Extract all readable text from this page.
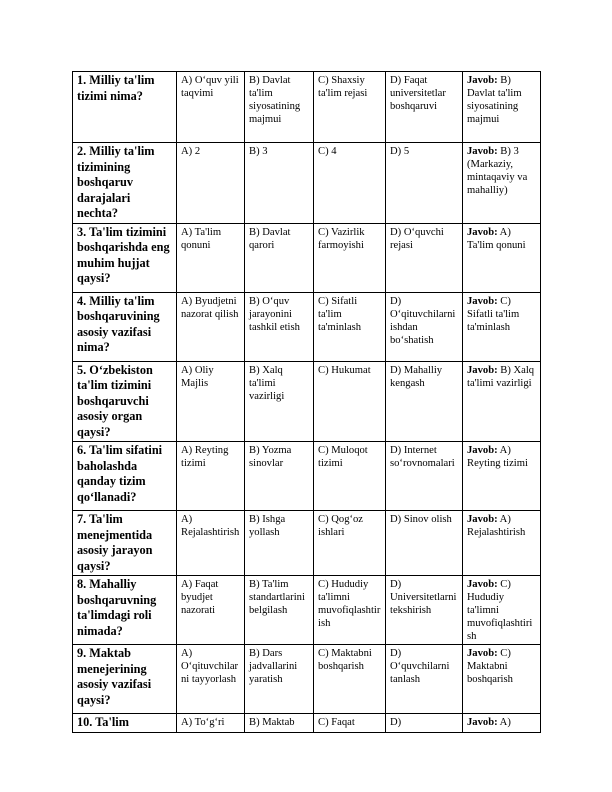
1. Milliy ta'lim tizimi nima?	A) O‘quv yili taqvimi	B) Davlat ta'lim siyosatining majmui	C) Shaxsiy ta'lim rejasi	D) Faqat universitetlar boshqaruvi	Javob: B) Davlat ta'lim siyosatining majmui
2. Milliy ta'lim tizimining boshqaruv darajalari nechta?	A) 2	B) 3	C) 4	D) 5	Javob: B) 3 (Markaziy, mintaqaviy va mahalliy)
3. Ta'lim tizimini boshqarishda eng muhim hujjat qaysi?	A) Ta'lim qonuni	B) Davlat qarori	C) Vazirlik farmoyishi	D) O‘quvchi rejasi	Javob: A) Ta'lim qonuni
4. Milliy ta'lim boshqaruvining asosiy vazifasi nima?	A) Byudjetni nazorat qilish	B) O‘quv jarayonini tashkil etish	C) Sifatli ta'lim ta'minlash	D) O‘qituvchilarni ishdan bo‘shatish	Javob: C) Sifatli ta'lim ta'minlash
5. O‘zbekiston ta'lim tizimini boshqaruvchi asosiy organ qaysi?	A) Oliy Majlis	B) Xalq ta'limi vazirligi	C) Hukumat	D) Mahalliy kengash	Javob: B) Xalq ta'limi vazirligi
6. Ta'lim sifatini baholashda qanday tizim qo‘llanadi?	A) Reyting tizimi	B) Yozma sinovlar	C) Muloqot tizimi	D) Internet so‘rovnomalari	Javob: A) Reyting tizimi
7. Ta'lim menejmentida asosiy jarayon qaysi?	A) Rejalashtirish	B) Ishga yollash	C) Qog‘oz ishlari	D) Sinov olish	Javob: A) Rejalashtirish
8. Mahalliy boshqaruvning ta'limdagi roli nimada?	A) Faqat byudjet nazorati	B) Ta'lim standartlarini belgilash	C) Hududiy ta'limni muvofiqlashtirish	D) Universitetlarni tekshirish	Javob: C) Hududiy ta'limni muvofiqlashtirish
9. Maktab menejerining asosiy vazifasi qaysi?	A) O‘qituvchilarni tayyorlash	B) Dars jadvallarini yaratish	C) Maktabni boshqarish	D) O‘quvchilarni tanlash	Javob: C) Maktabni boshqarish
10. Ta'lim	A) To‘g‘ri	B) Maktab	C) Faqat	D)	Javob: A)
